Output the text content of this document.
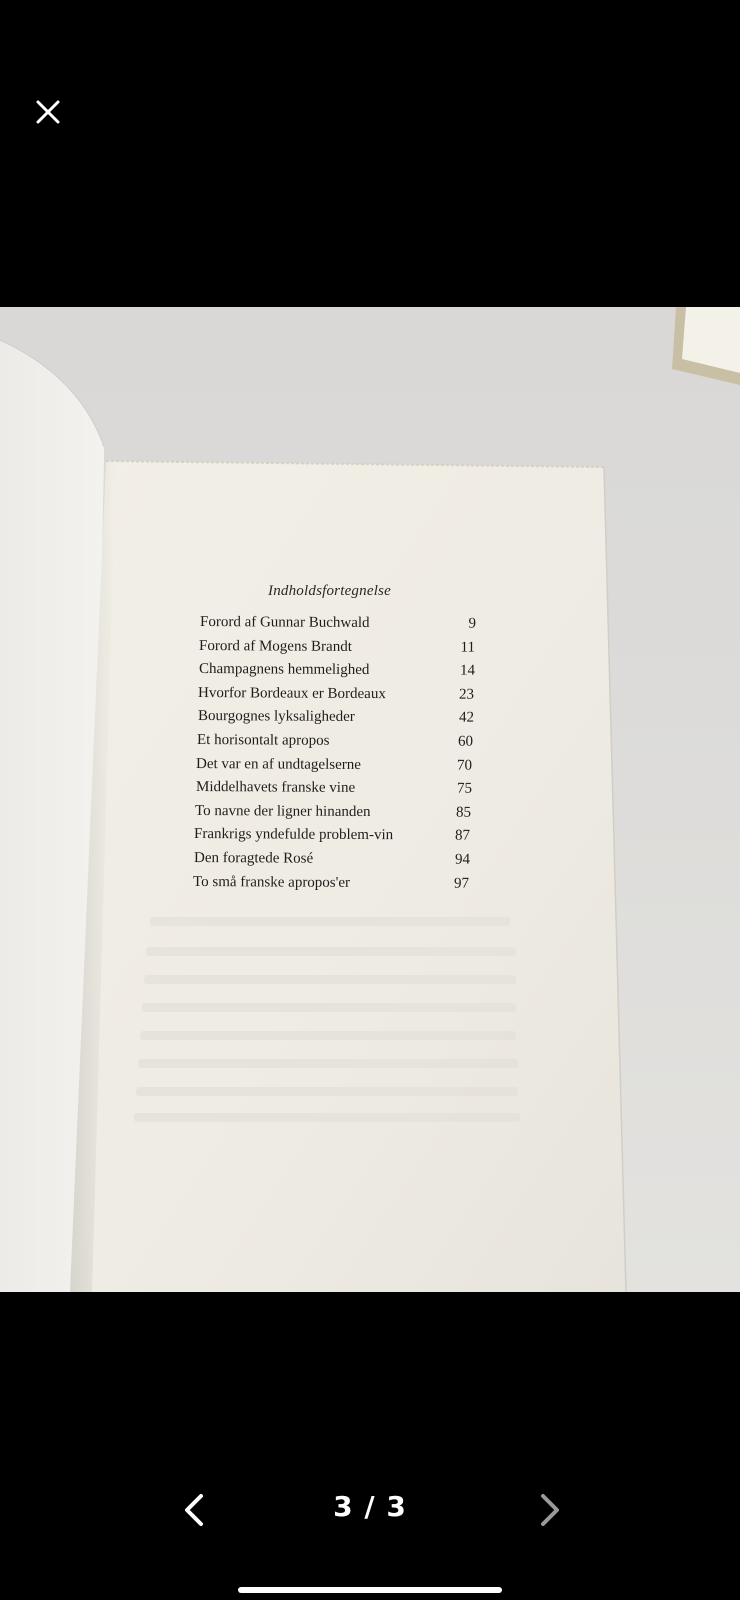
Indholdsfortegnelse
Forord af Gunnar Buchwald	9
Forord af Mogens Brandt	11
Champagnens hemmelighed	14
Hvorfor Bordeaux er Bordeaux	23
Bourgognes lyksaligheder	42
Et horisontalt apropos	60
Det var en af undtagelserne	70
Middelhavets franske vine	75
To navne der ligner hinanden	85
Frankrigs yndefulde problem-vin	87
Den foragtede Rosé	94
To små franske apropos'er	97
3 / 3
